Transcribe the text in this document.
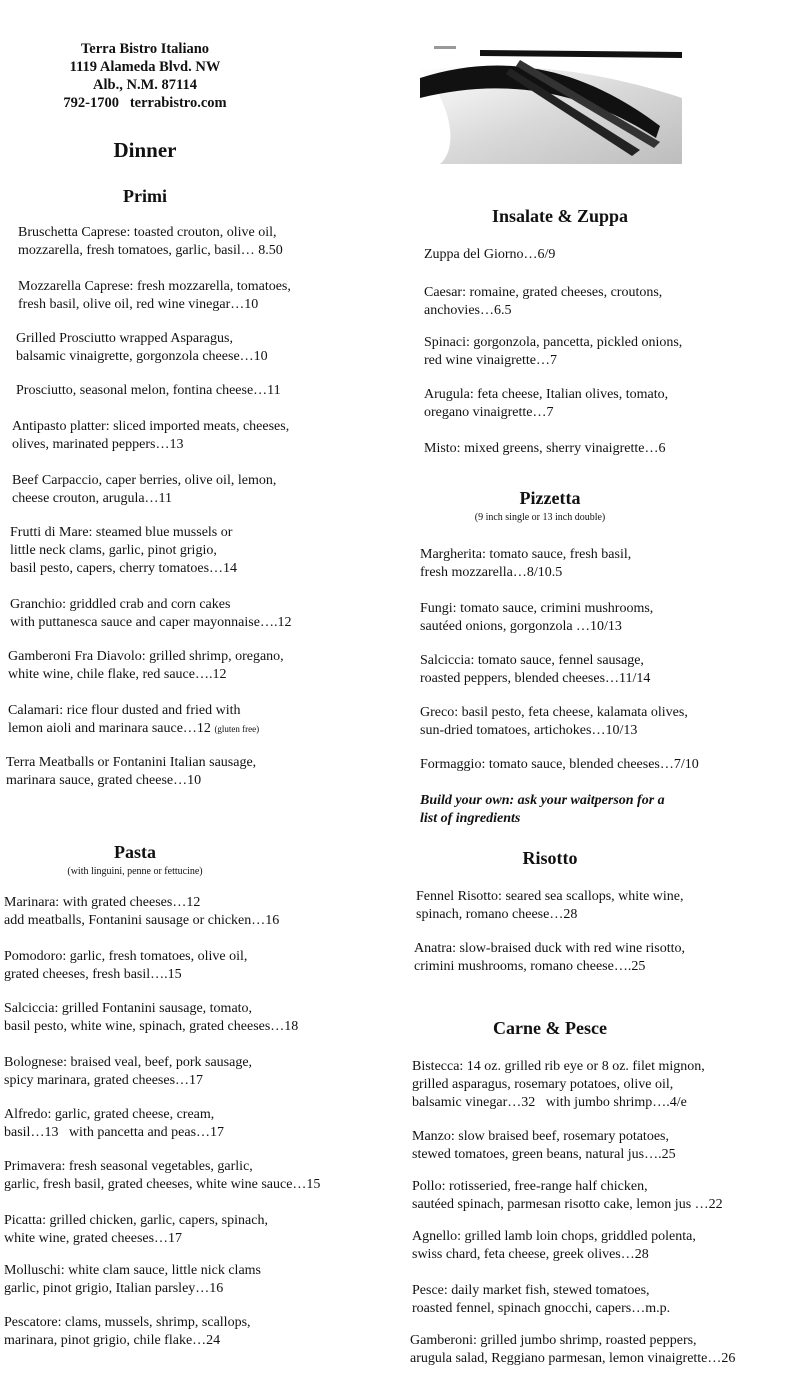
Terra Bistro Italiano
1119 Alameda Blvd. NW
Alb., N.M. 87114
792-1700   terrabistro.com
Dinner
Primi
Bruschetta Caprese: toasted crouton, olive oil,
mozzarella, fresh tomatoes, garlic, basil… 8.50
Mozzarella Caprese: fresh mozzarella, tomatoes,
fresh basil, olive oil, red wine vinegar…10
Grilled Prosciutto wrapped Asparagus,
balsamic vinaigrette, gorgonzola cheese…10
Prosciutto, seasonal melon, fontina cheese…11
Antipasto platter: sliced imported meats, cheeses,
olives, marinated peppers…13
Beef Carpaccio, caper berries, olive oil, lemon,
cheese crouton, arugula…11
Frutti di Mare: steamed blue mussels or
little neck clams, garlic, pinot grigio,
basil pesto, capers, cherry tomatoes…14
Granchio: griddled crab and corn cakes
with puttanesca sauce and caper mayonnaise….12
Gamberoni Fra Diavolo: grilled shrimp, oregano,
white wine, chile flake, red sauce….12
Calamari: rice flour dusted and fried with
lemon aioli and marinara sauce…12 (gluten free)
Terra Meatballs or Fontanini Italian sausage,
marinara sauce, grated cheese…10
Pasta
(with linguini, penne or fettucine)
Marinara: with grated cheeses…12
add meatballs, Fontanini sausage or chicken…16
Pomodoro: garlic, fresh tomatoes, olive oil,
grated cheeses, fresh basil….15
Salciccia: grilled Fontanini sausage, tomato,
basil pesto, white wine, spinach, grated cheeses…18
Bolognese: braised veal, beef, pork sausage,
spicy marinara, grated cheeses…17
Alfredo: garlic, grated cheese, cream,
basil…13   with pancetta and peas…17
Primavera: fresh seasonal vegetables, garlic,
garlic, fresh basil, grated cheeses, white wine sauce…15
Picatta: grilled chicken, garlic, capers, spinach,
white wine, grated cheeses…17
Molluschi: white clam sauce, little nick clams
garlic, pinot grigio, Italian parsley…16
Pescatore: clams, mussels, shrimp, scallops,
marinara, pinot grigio, chile flake…24
Insalate & Zuppa
Zuppa del Giorno…6/9
Caesar: romaine, grated cheeses, croutons,
anchovies…6.5
Spinaci: gorgonzola, pancetta, pickled onions,
red wine vinaigrette…7
Arugula: feta cheese, Italian olives, tomato,
oregano vinaigrette…7
Misto: mixed greens, sherry vinaigrette…6
Pizzetta
(9 inch single or 13 inch double)
Margherita: tomato sauce, fresh basil,
fresh mozzarella…8/10.5
Fungi: tomato sauce, crimini mushrooms,
sautéed onions, gorgonzola …10/13
Salciccia: tomato sauce, fennel sausage,
roasted peppers, blended cheeses…11/14
Greco: basil pesto, feta cheese, kalamata olives,
sun-dried tomatoes, artichokes…10/13
Formaggio: tomato sauce, blended cheeses…7/10
Build your own: ask your waitperson for a
list of ingredients
Risotto
Fennel Risotto: seared sea scallops, white wine,
spinach, romano cheese…28
Anatra: slow-braised duck with red wine risotto,
crimini mushrooms, romano cheese….25
Carne & Pesce
Bistecca: 14 oz. grilled rib eye or 8 oz. filet mignon,
grilled asparagus, rosemary potatoes, olive oil,
balsamic vinegar…32   with jumbo shrimp….4/e
Manzo: slow braised beef, rosemary potatoes,
stewed tomatoes, green beans, natural jus….25
Pollo: rotisseried, free-range half chicken,
sautéed spinach, parmesan risotto cake, lemon jus …22
Agnello: grilled lamb loin chops, griddled polenta,
swiss chard, feta cheese, greek olives…28
Pesce: daily market fish, stewed tomatoes,
roasted fennel, spinach gnocchi, capers…m.p.
Gamberoni: grilled jumbo shrimp, roasted peppers,
arugula salad, Reggiano parmesan, lemon vinaigrette…26
